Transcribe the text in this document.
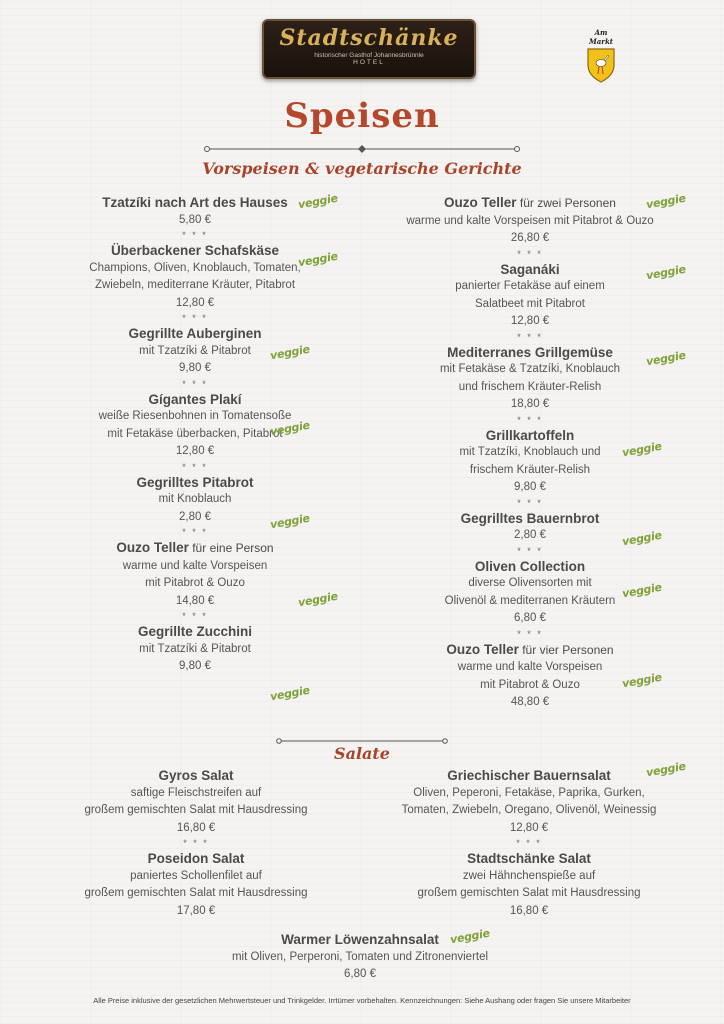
Stadtschänke
historischer Gasthof Johannesbrünnle
HOTEL
Am Markt
Speisen
Vorspeisen & vegetarische Gerichte
Tzatzíki nach Art des Hauses
5,80 €
* * *
Überbackener Schafskäse
Champions, Oliven, Knoblauch, Tomaten,
Zwiebeln, mediterrane Kräuter, Pitabrot
12,80 €
* * *
Gegrillte Auberginen
mit Tzatzíki & Pitabrot
9,80 €
* * *
Gígantes Plakí
weiße Riesenbohnen in Tomatensoße
mit Fetakäse überbacken, Pitabrot
12,80 €
* * *
Gegrilltes Pitabrot
mit Knoblauch
2,80 €
* * *
Ouzo Teller für eine Person
warme und kalte Vorspeisen
mit Pitabrot & Ouzo
14,80 €
* * *
Gegrillte Zucchini
mit Tzatzíki & Pitabrot
9,80 €
Ouzo Teller für zwei Personen
warme und kalte Vorspeisen mit Pitabrot & Ouzo
26,80 €
* * *
Saganáki
panierter Fetakäse auf einem
Salatbeet mit Pitabrot
12,80 €
* * *
Mediterranes Grillgemüse
mit Fetakäse & Tzatzíki, Knoblauch
und frischem Kräuter-Relish
18,80 €
* * *
Grillkartoffeln
mit Tzatzíki, Knoblauch und
frischem Kräuter-Relish
9,80 €
* * *
Gegrilltes Bauernbrot
2,80 €
* * *
Oliven Collection
diverse Olivensorten mit
Olivenöl & mediterranen Kräutern
6,80 €
* * *
Ouzo Teller für vier Personen
warme und kalte Vorspeisen
mit Pitabrot & Ouzo
48,80 €
Salate
Gyros Salat
saftige Fleischstreifen auf
großem gemischten Salat mit Hausdressing
16,80 €
* * *
Poseidon Salat
paniertes Schollenfilet auf
großem gemischten Salat mit Hausdressing
17,80 €
Griechischer Bauernsalat
Oliven, Peperoni, Fetakäse, Paprika, Gurken,
Tomaten, Zwiebeln, Oregano, Olivenöl, Weinessig
12,80 €
* * *
Stadtschänke Salat
zwei Hähnchenspieße auf
großem gemischten Salat mit Hausdressing
16,80 €
Warmer Löwenzahnsalat
mit Oliven, Perperoni, Tomaten und Zitronenviertel
6,80 €
veggie
veggie
veggie
veggie
veggie
veggie
veggie
veggie
veggie
veggie
veggie
veggie
veggie
veggie
veggie
veggie
Alle Preise inklusive der gesetzlichen Mehrwertsteuer und Trinkgelder. Irrtümer vorbehalten. Kennzeichnungen: Siehe Aushang oder fragen Sie unsere Mitarbeiter
